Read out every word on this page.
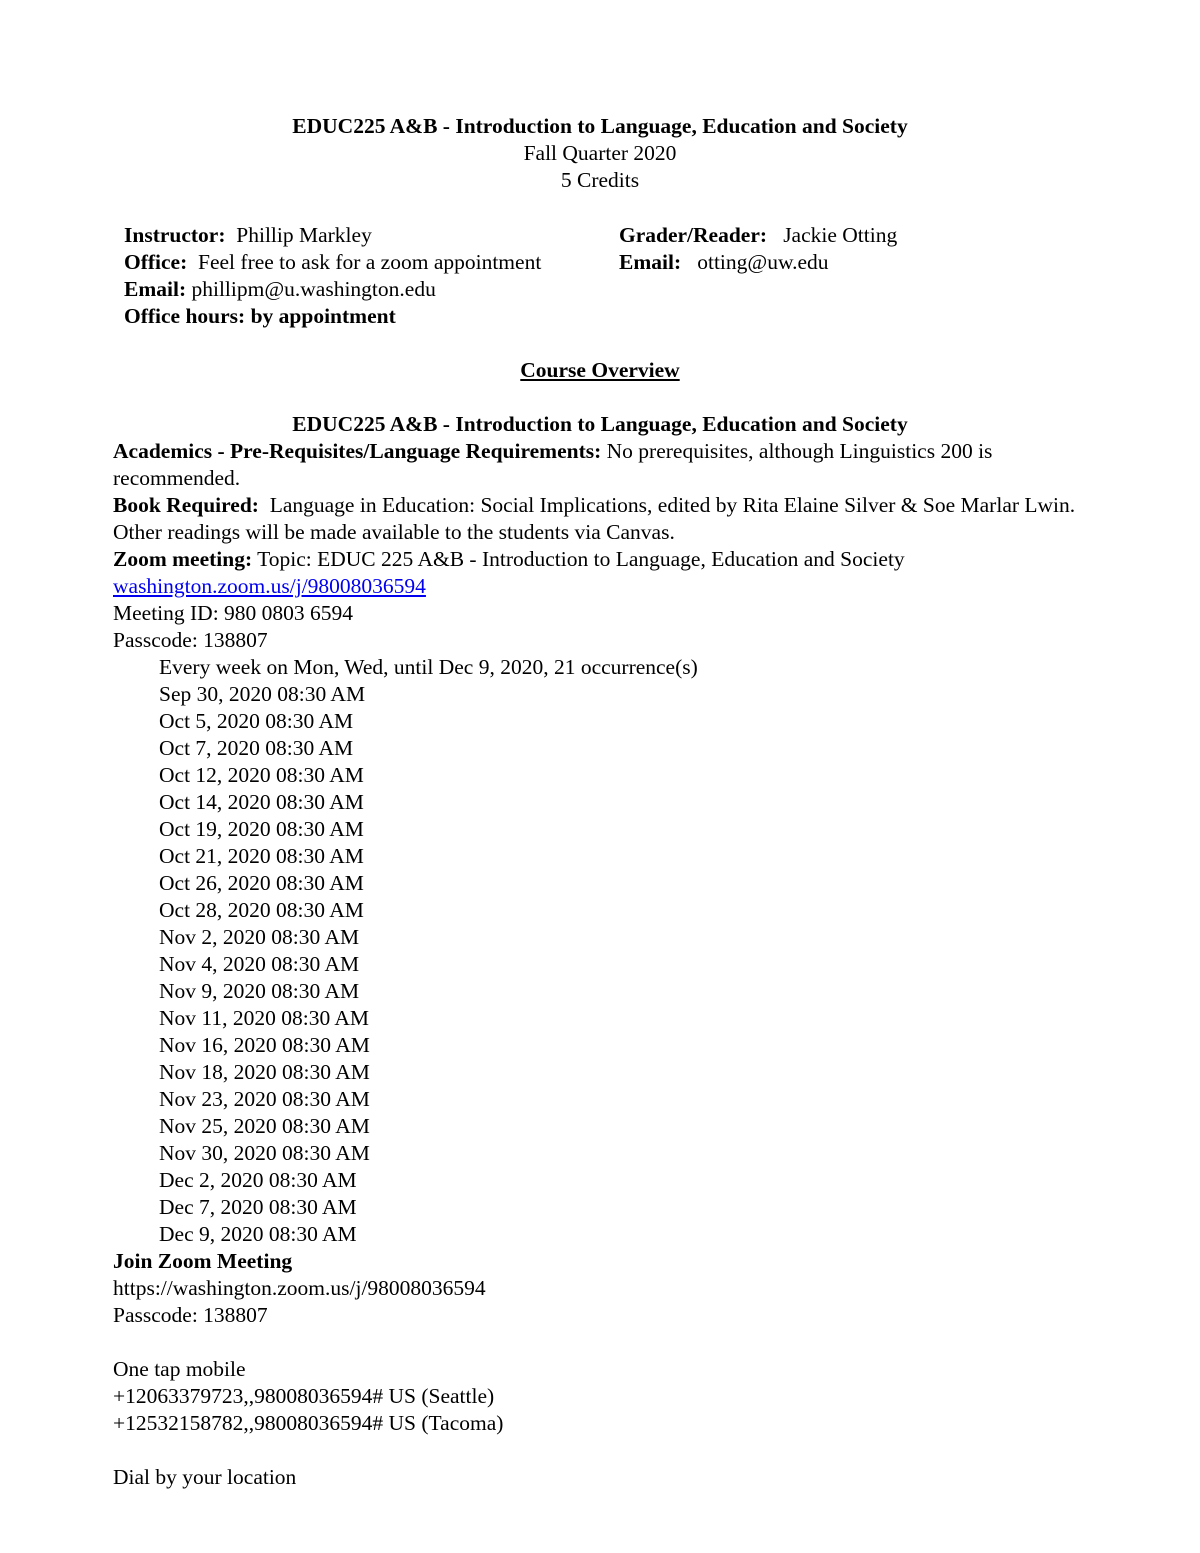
EDUC225 A&B - Introduction to Language, Education and Society
Fall Quarter 2020
5 Credits
Instructor: Phillip Markley	Grader/Reader: Jackie Otting
Office: Feel free to ask for a zoom appointment	Email: otting@uw.edu
Email: phillipm@u.washington.edu
Office hours: by appointment
Course Overview
EDUC225 A&B - Introduction to Language, Education and Society
Academics - Pre-Requisites/Language Requirements: No prerequisites, although Linguistics 200 is recommended.
Book Required: Language in Education: Social Implications, edited by Rita Elaine Silver & Soe Marlar Lwin. Other readings will be made available to the students via Canvas.
Zoom meeting: Topic: EDUC 225 A&B - Introduction to Language, Education and Society
washington.zoom.us/j/98008036594
Meeting ID: 980 0803 6594
Passcode: 138807
Every week on Mon, Wed, until Dec 9, 2020, 21 occurrence(s)
Sep 30, 2020 08:30 AM
Oct 5, 2020 08:30 AM
Oct 7, 2020 08:30 AM
Oct 12, 2020 08:30 AM
Oct 14, 2020 08:30 AM
Oct 19, 2020 08:30 AM
Oct 21, 2020 08:30 AM
Oct 26, 2020 08:30 AM
Oct 28, 2020 08:30 AM
Nov 2, 2020 08:30 AM
Nov 4, 2020 08:30 AM
Nov 9, 2020 08:30 AM
Nov 11, 2020 08:30 AM
Nov 16, 2020 08:30 AM
Nov 18, 2020 08:30 AM
Nov 23, 2020 08:30 AM
Nov 25, 2020 08:30 AM
Nov 30, 2020 08:30 AM
Dec 2, 2020 08:30 AM
Dec 7, 2020 08:30 AM
Dec 9, 2020 08:30 AM
Join Zoom Meeting
https://washington.zoom.us/j/98008036594
Passcode: 138807
One tap mobile
+12063379723,,98008036594# US (Seattle)
+12532158782,,98008036594# US (Tacoma)
Dial by your location
